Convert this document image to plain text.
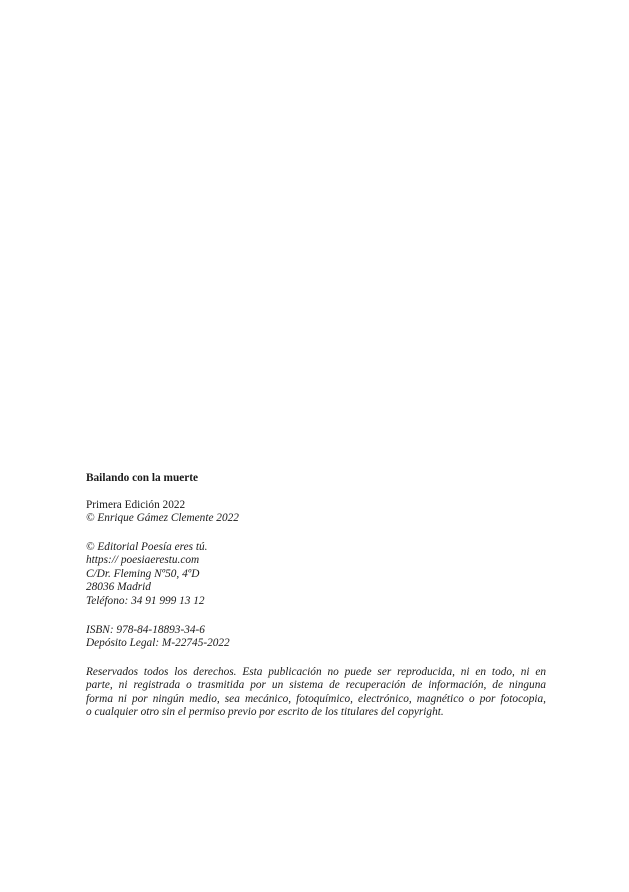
Bailando con la muerte
Primera Edición 2022
© Enrique Gámez Clemente 2022
© Editorial Poesía eres tú.
https:// poesiaerestu.com
C/Dr. Fleming Nº50, 4ºD
28036 Madrid
Teléfono: 34 91 999 13 12
ISBN: 978-84-18893-34-6
Depósito Legal: M-22745-2022
Reservados todos los derechos. Esta publicación no puede ser reproducida, ni en todo, ni en
parte, ni registrada o trasmitida por un sistema de recuperación de información, de ninguna
forma ni por ningún medio, sea mecánico, fotoquímico, electrónico, magnético o por fotocopia,
o cualquier otro sin el permiso previo por escrito de los titulares del copyright.
